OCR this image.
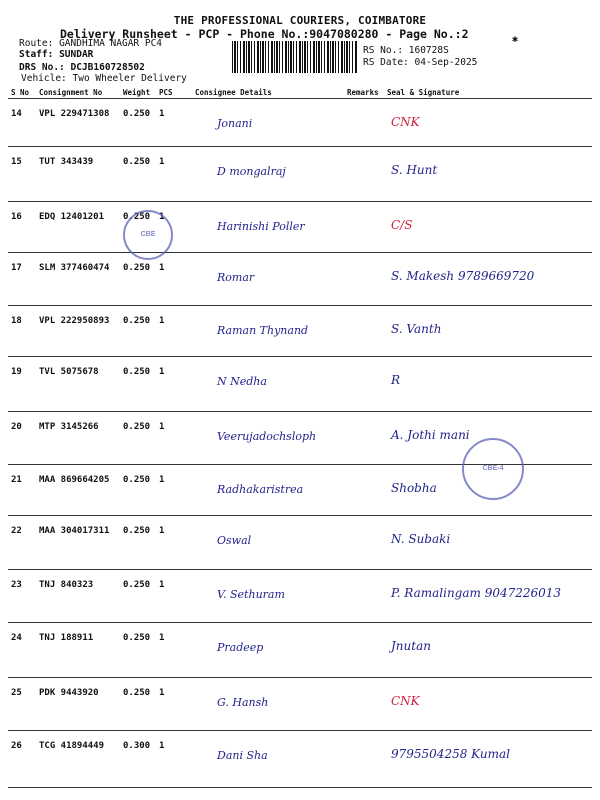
THE PROFESSIONAL COURIERS, COIMBATORE
Delivery Runsheet - PCP - Phone No.:9047080280 - Page No.:2
Route: GANDHIMA NAGAR PC4
Staff: SUNDAR
DRS No.: DCJB160728502
Vehicle: Two Wheeler Delivery
RS No.: 160728S
RS Date: 04-Sep-2025
✱
S No	Consignment No	Weight	PCS	Consignee Details	Remarks	Seal & Signature
14	VPL 229471308	0.250	1	Jonani		CNK
15	TUT 343439	0.250	1	D mongalraj		S. Hunt
16	EDQ 12401201	0.250	1	Harinishi Poller		C/S
17	SLM 377460474	0.250	1	Romar		S. Makesh 9789669720
18	VPL 222950893	0.250	1	Raman Thynand		S. Vanth
19	TVL 5075678	0.250	1	N Nedha		R
20	MTP 3145266	0.250	1	Veerujadochsloph		A. Jothi mani
21	MAA 869664205	0.250	1	Radhakaristrea		Shobha
22	MAA 304017311	0.250	1	Oswal		N. Subaki
23	TNJ 840323	0.250	1	V. Sethuram		P. Ramalingam 9047226013
24	TNJ 188911	0.250	1	Pradeep		Jnutan
25	PDK 9443920	0.250	1	G. Hansh		CNK
26	TCG 41894449	0.300	1	Dani Sha		9795504258 Kumal
CBE
CBE-4
